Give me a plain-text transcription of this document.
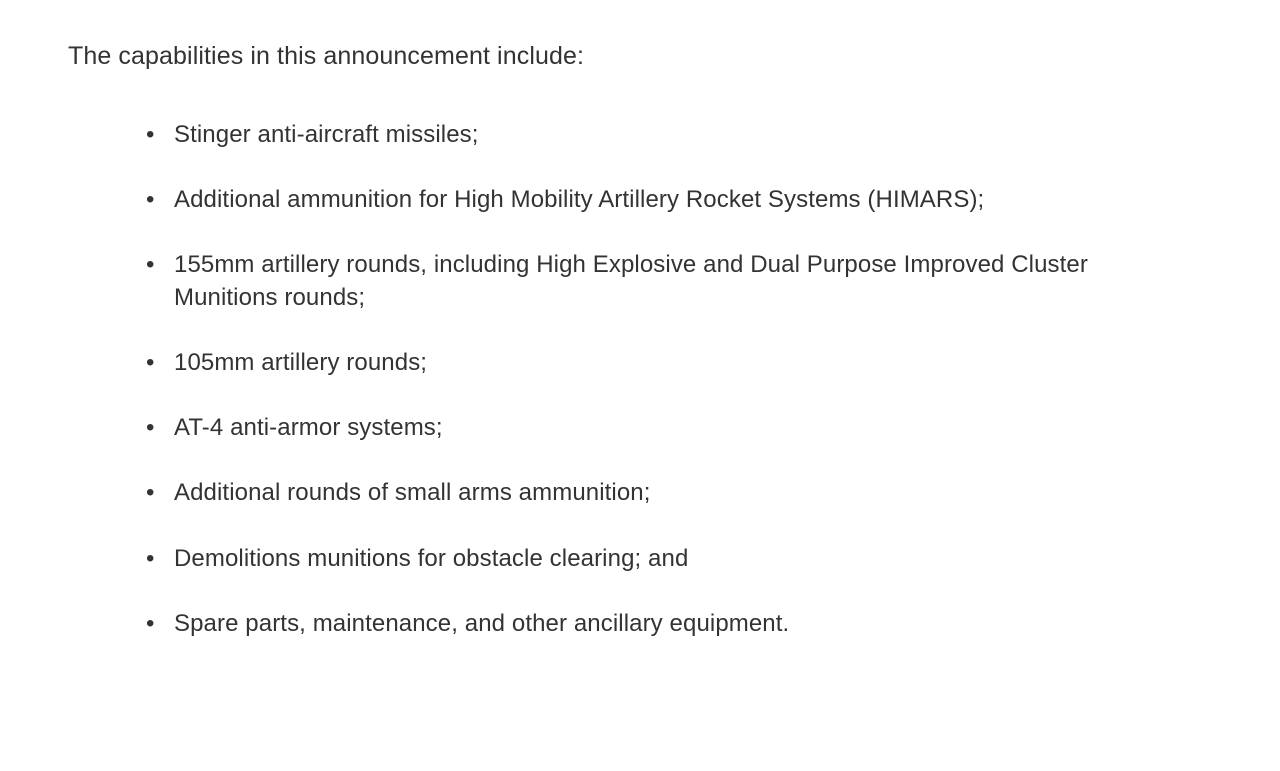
The capabilities in this announcement include:

• Stinger anti-aircraft missiles;
• Additional ammunition for High Mobility Artillery Rocket Systems (HIMARS);
• 155mm artillery rounds, including High Explosive and Dual Purpose Improved Cluster Munitions rounds;
• 105mm artillery rounds;
• AT-4 anti-armor systems;
• Additional rounds of small arms ammunition;
• Demolitions munitions for obstacle clearing; and
• Spare parts, maintenance, and other ancillary equipment.
